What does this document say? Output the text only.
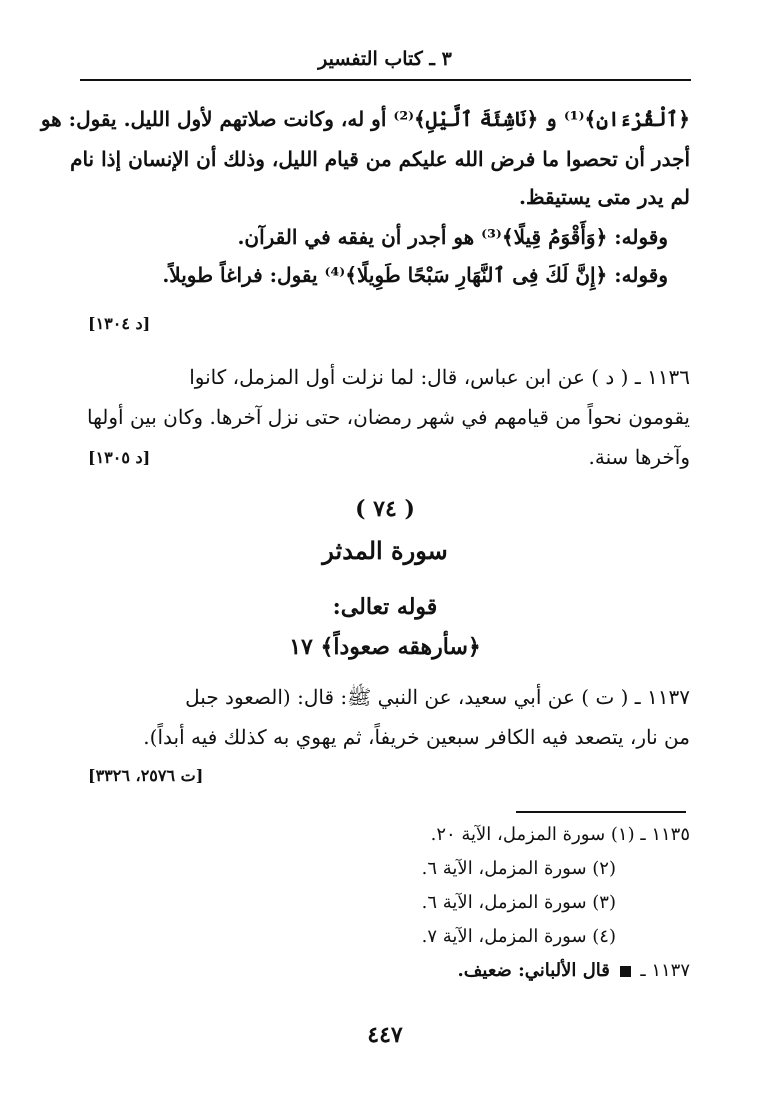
٣ ـ كتاب التفسير
﴿ٱلْقُرْءَانِ﴾⁽¹⁾ و ﴿نَاشِئَةَ ٱلَّيْلِ﴾⁽²⁾ أو له، وكانت صلاتهم لأول الليل. يقول: هو
أجدر أن تحصوا ما فرض الله عليكم من قيام الليل، وذلك أن الإنسان إذا نام
لم يدر متى يستيقظ.
وقوله: ﴿وَأَقْوَمُ قِيلًا﴾⁽³⁾ هو أجدر أن يفقه في القرآن.
وقوله: ﴿إِنَّ لَكَ فِى ٱلنَّهَارِ سَبْحًا طَوِيلًا﴾⁽⁴⁾ يقول: فراغاً طويلاً.
[د ١٣٠٤]
١١٣٦ ـ ( د ) عن ابن عباس، قال: لما نزلت أول المزمل، كانوا
يقومون نحواً من قيامهم في شهر رمضان، حتى نزل آخرها. وكان بين أولها
وآخرها سنة.
[د ١٣٠٥]
( ٧٤ )
سورة المدثر
قوله تعالى:
﴿سأرهقه صعوداً﴾ ١٧
١١٣٧ ـ ( ت ) عن أبي سعيد، عن النبي ﷺ: قال: (الصعود جبل
من نار، يتصعد فيه الكافر سبعين خريفاً، ثم يهوي به كذلك فيه أبداً).
[ت ٢٥٧٦، ٣٣٢٦]
١١٣٥ ـ (١) سورة المزمل، الآية ٢٠.
(٢) سورة المزمل، الآية ٦.
(٣) سورة المزمل، الآية ٦.
(٤) سورة المزمل، الآية ٧.
١١٣٧ ـ  قال الألباني: ضعيف.
٤٤٧
